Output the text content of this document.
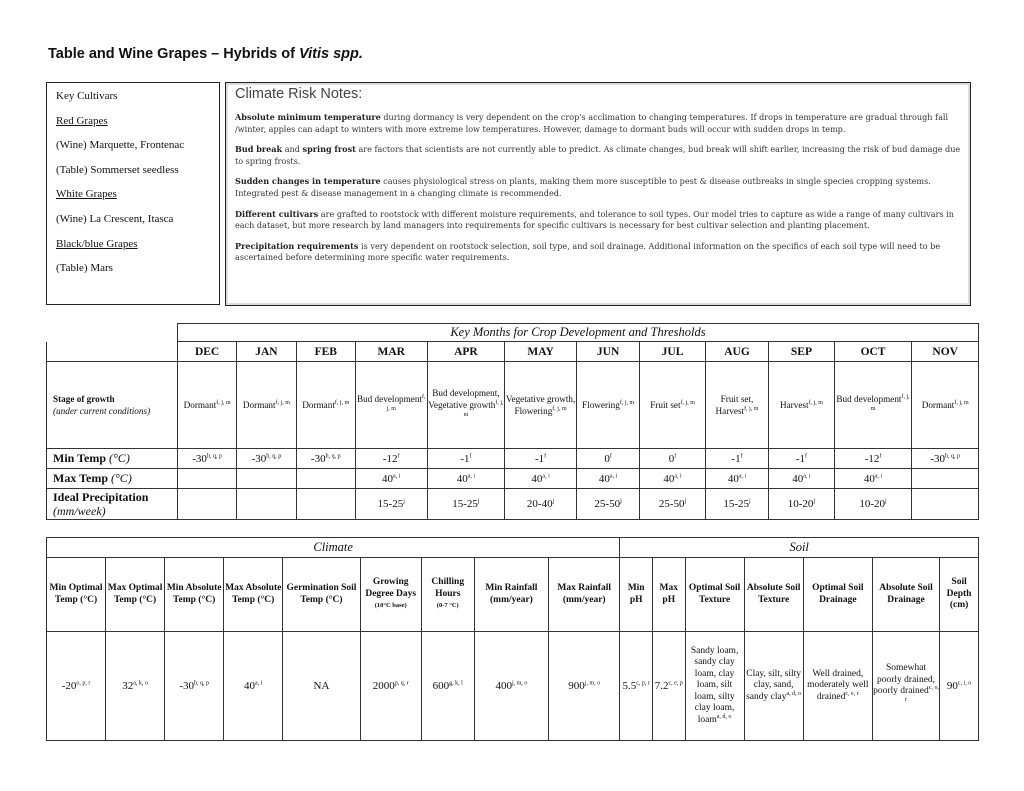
Table and Wine Grapes – Hybrids of Vitis spp.
Key Cultivars
Red Grapes
(Wine) Marquette, Frontenac
(Table) Sommerset seedless
White Grapes
(Wine) La Crescent, Itasca
Black/blue Grapes
(Table) Mars
Climate Risk Notes:

Absolute minimum temperature during dormancy is very dependent on the crop's acclimation to changing temperatures. If drops in temperature are gradual through fall /winter, apples can adapt to winters with more extreme low temperatures. However, damage to dormant buds will occur with sudden drops in temp.

Bud break and spring frost are factors that scientists are not currently able to predict. As climate changes, bud break will shift earlier, increasing the risk of bud damage due to spring frosts.

Sudden changes in temperature causes physiological stress on plants, making them more susceptible to pest & disease outbreaks in single species cropping systems. Integrated pest & disease management in a changing climate is recommended.

Different cultivars are grafted to rootstock with different moisture requirements, and tolerance to soil types. Our model tries to capture as wide a range of many cultivars in each dataset, but more research by land managers into requirements for specific cultivars is necessary for best cultivar selection and planting placement.

Precipitation requirements is very dependent on rootstock selection, soil type, and soil drainage. Additional information on the specifics of each soil type will need to be ascertained before determining more specific water requirements.

	Key Months for Crop Development and Thresholds											
	DEC	JAN	FEB	MAR	APR	MAY	JUN	JUL	AUG	SEP	OCT	NOV
Stage of growth
(under current conditions)	Dormant$^{f, j, m}$	Dormant$^{f, j, m}$	Dormant$^{f, j, m}$	Bud development$^{f, j, m}$	Bud development, Vegetative growth$^{f, j, m}$	Vegetative growth, Flowering$^{f, j, m}$	Flowering$^{f, j, m}$	Fruit set$^{f, j, m}$	Fruit set, Harvest$^{f, j, m}$	Harvest$^{f, j, m}$	Bud development$^{f, j, m}$	Dormant$^{f, j, m}$
Min Temp (°C)	-30$^{h, q, p}$	-30$^{h, q, p}$	-30$^{h, q, p}$	-12$^f$	-1$^f$	-1$^f$	0$^f$	0$^f$	-1$^f$	-1$^f$	-12$^f$	-30$^{h, q, p}$
Max Temp (°C)				40$^{a, i}$	40$^{a, i}$	40$^{a, i}$	40$^{a, i}$	40$^{a, i}$	40$^{a, i}$	40$^{a, i}$	40$^{a, i}$	
Ideal Precipitation
(mm/week)				15-25$^j$	15-25$^j$	20-40$^j$	25-50$^j$	25-50$^j$	15-25$^j$	10-20$^j$	10-20$^j$	
Climate									Soil						
Min Optimal Temp (°C)	Max Optimal Temp (°C)	Min Absolute Temp (°C)	Max Absolute Temp (°C)	Germination Soil Temp (°C)	Growing Degree Days
(10°C base)	Chilling Hours
(0-7 °C)	Min Rainfall (mm/year)	Max Rainfall (mm/year)	Min pH	Max pH	Optimal Soil Texture	Absolute Soil Texture	Optimal Soil Drainage	Absolute Soil Drainage	Soil Depth (cm)
-20$^{o, p, r}$	32$^{a, k, o}$	-30$^{h, q, p}$	40$^{a, i}$	NA	2000$^{p, q, r}$	600$^{g, k, l}$	400$^{j, m, o}$	900$^{j, m, o}$	5.5$^{c, p, r}$	7.2$^{c, e, p}$	Sandy loam, sandy clay loam, clay loam, silt loam, silty clay loam, loam$^{a, d, o}$	Clay, silt, silty clay, sand, sandy clay$^{a, d, o}$	Well drained, moderately well drained$^{c, e, r}$	Somewhat poorly drained, poorly drained$^{c, o, r}$	90$^{c, i, o}$
